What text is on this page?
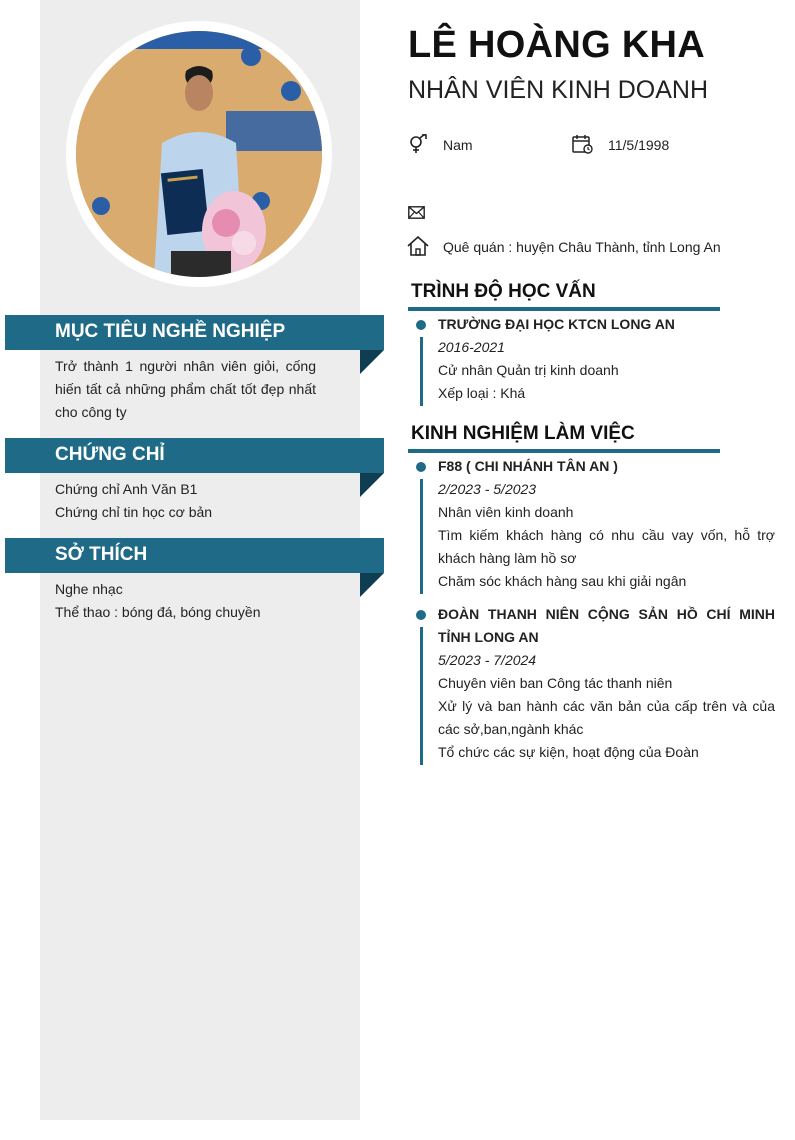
MỤC TIÊU NGHỀ NGHIỆP
Trở thành 1 người nhân viên giỏi, cống hiến tất cả những phẩm chất tốt đẹp nhất cho công ty
CHỨNG CHỈ
Chứng chỉ Anh Văn B1
Chứng chỉ tin học cơ bản
SỞ THÍCH
Nghe nhạc
Thể thao : bóng đá, bóng chuyền
LÊ HOÀNG KHA
NHÂN VIÊN KINH DOANH
Nam	11/5/1998
Quê quán : huyện Châu Thành, tỉnh Long An
TRÌNH ĐỘ HỌC VẤN
TRƯỜNG ĐẠI HỌC KTCN LONG AN
2016-2021
Cử nhân Quản trị kinh doanh
Xếp loại : Khá
KINH NGHIỆM LÀM VIỆC
F88 ( CHI NHÁNH TÂN AN )
2/2023 - 5/2023
Nhân viên kinh doanh
Tìm kiếm khách hàng có nhu cầu vay vốn, hỗ trợ khách hàng làm hồ sơ
Chăm sóc khách hàng sau khi giải ngân
ĐOÀN THANH NIÊN CỘNG SẢN HỒ CHÍ MINH TỈNH LONG AN
5/2023 - 7/2024
Chuyên viên ban Công tác thanh niên
Xử lý và ban hành các văn bản của cấp trên và của các sở,ban,ngành khác
Tổ chức các sự kiện, hoạt động của Đoàn
